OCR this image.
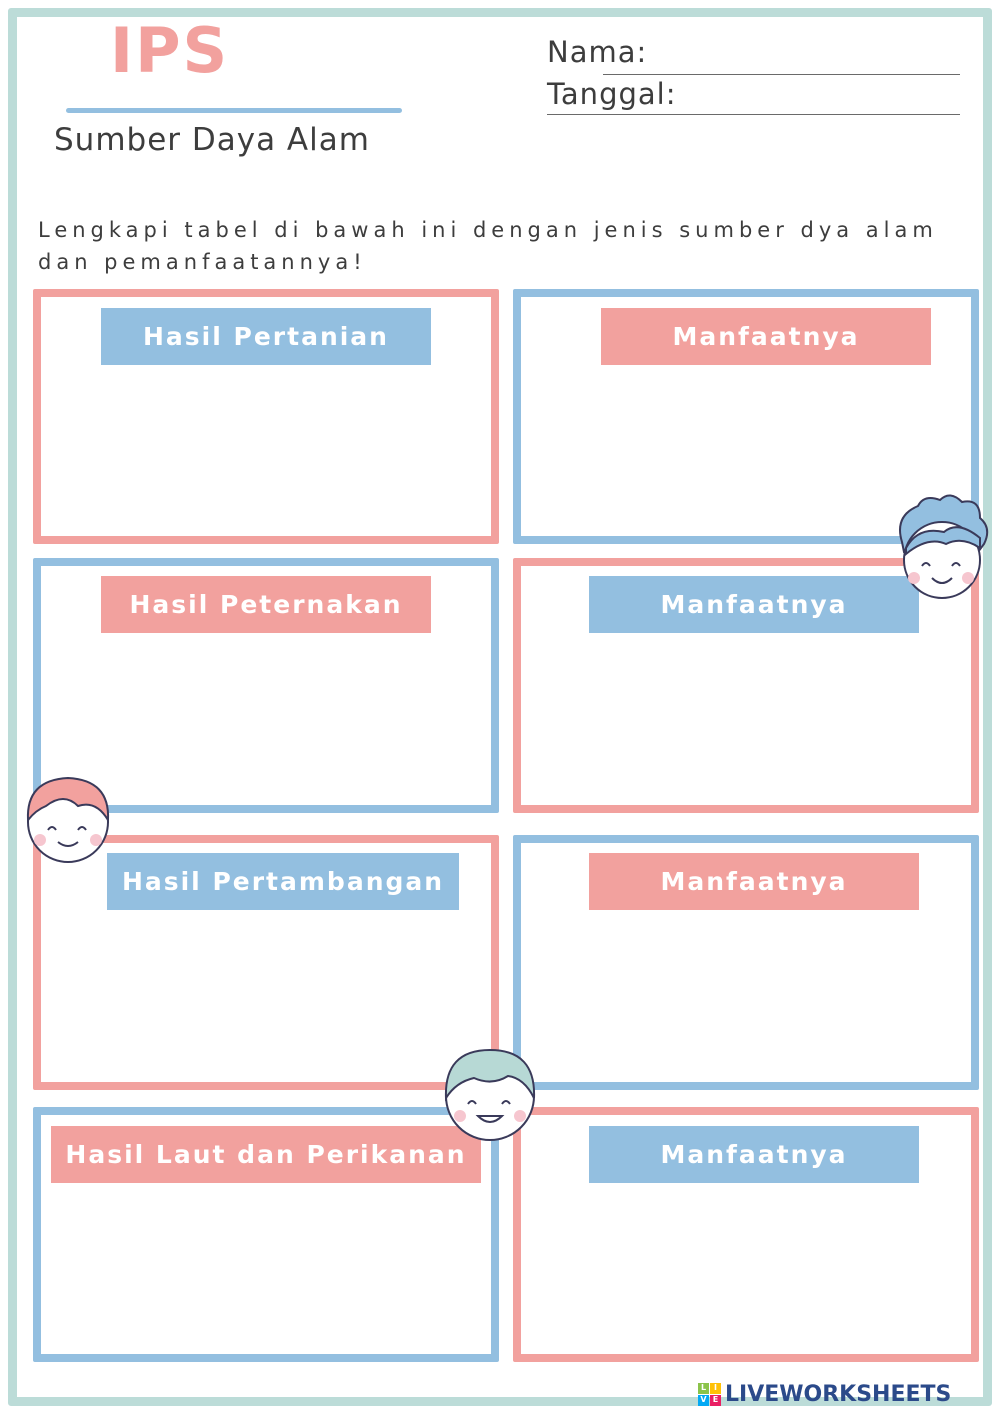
IPS
Sumber Daya Alam
Nama:
Tanggal:
Lengkapi tabel di bawah ini dengan jenis sumber dya alam dan pemanfaatannya!
Hasil Pertanian	Manfaatnya
Hasil Peternakan	Manfaatnya
Hasil Pertambangan	Manfaatnya
Hasil Laut dan Perikanan	Manfaatnya
L I
V E LIVEWORKSHEETS
